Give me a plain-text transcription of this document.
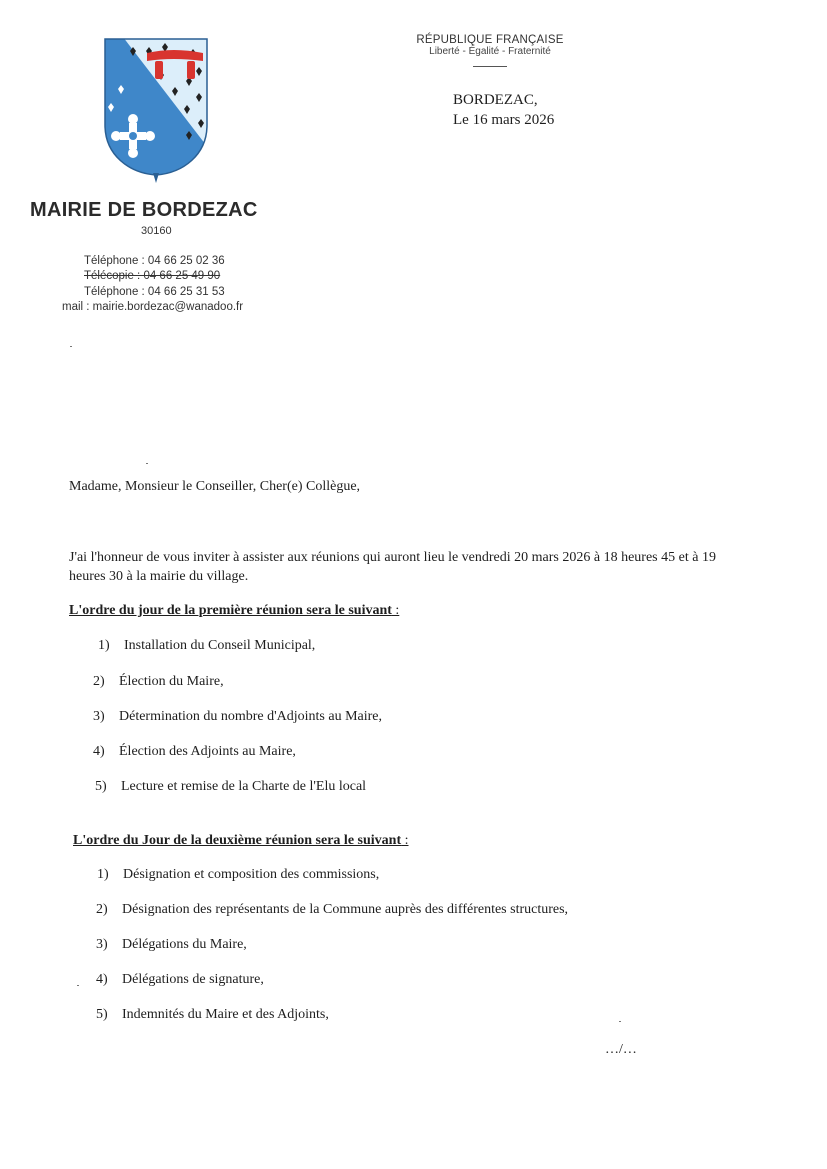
MAIRIE DE BORDEZAC
30160
Téléphone : 04 66 25 02 36
Télécopie : 04 66 25 49 90
Téléphone : 04 66 25 31 53
mail : mairie.bordezac@wanadoo.fr
RÉPUBLIQUE FRANÇAISE
Liberté - Égalité - Fraternité
BORDEZAC,
Le 16 mars 2026
Madame, Monsieur le Conseiller, Cher(e) Collègue,
J'ai l'honneur de vous inviter à assister aux réunions qui auront lieu le vendredi 20 mars 2026 à 18 heures 45 et à 19 heures 30 à la mairie du village.
L'ordre du jour de la première réunion sera le suivant :
1) Installation du Conseil Municipal,
2) Élection du Maire,
3) Détermination du nombre d'Adjoints au Maire,
4) Élection des Adjoints au Maire,
5) Lecture et remise de la Charte de l'Elu local
L'ordre du Jour de la deuxième réunion sera le suivant :
1) Désignation et composition des commissions,
2) Désignation des représentants de la Commune auprès des différentes structures,
3) Délégations du Maire,
4) Délégations de signature,
5) Indemnités du Maire et des Adjoints,
…/…
